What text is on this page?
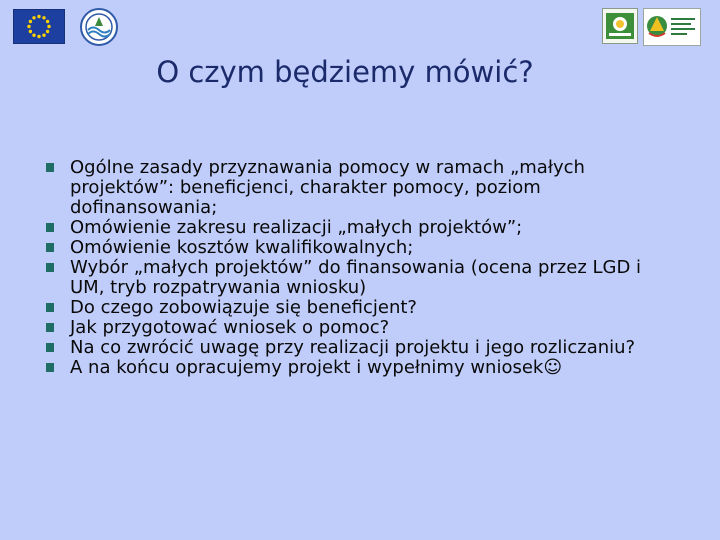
O czym będziemy mówić?
Ogólne zasady przyznawania pomocy w ramach „małych projektów”: beneficjenci, charakter pomocy, poziom dofinansowania;
Omówienie zakresu realizacji „małych projektów”;
Omówienie kosztów kwalifikowalnych;
Wybór „małych projektów” do finansowania (ocena przez LGD i UM, tryb rozpatrywania wniosku)
Do czego zobowiązuje się beneficjent?
Jak przygotować wniosek o pomoc?
Na co zwrócić uwagę przy realizacji projektu i jego rozliczaniu?
A na końcu opracujemy projekt i wypełnimy wniosek☺
